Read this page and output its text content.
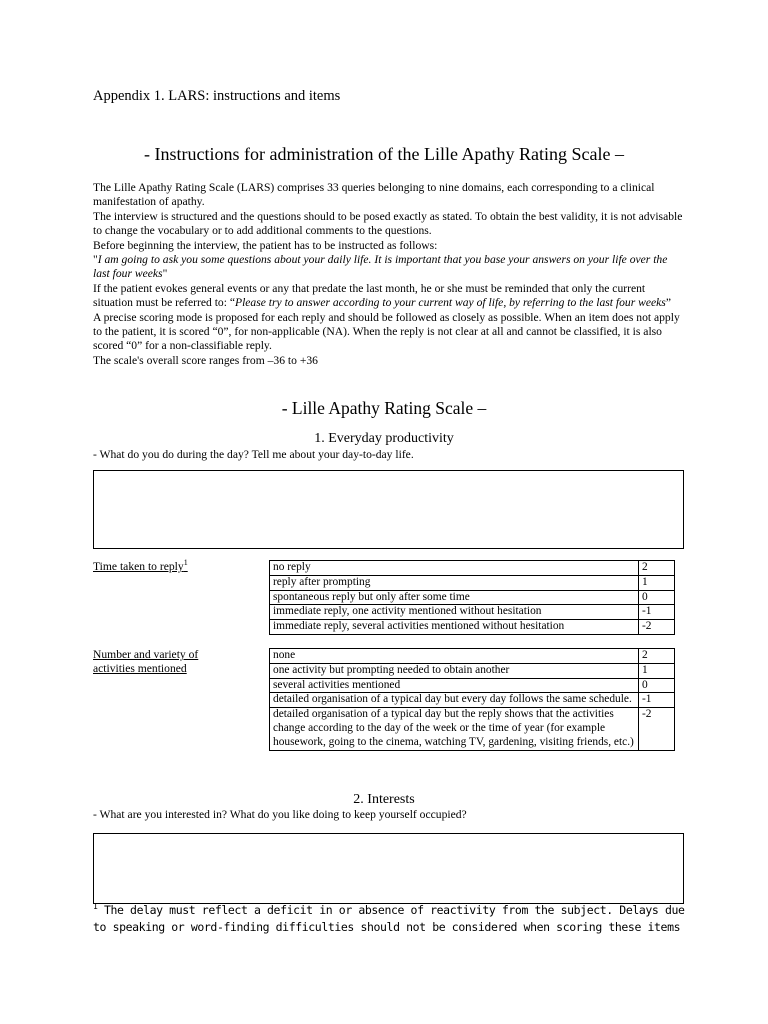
Appendix 1. LARS: instructions and items
- Instructions for administration of the Lille Apathy Rating Scale –

The Lille Apathy Rating Scale (LARS) comprises 33 queries belonging to nine domains, each corresponding to a clinical manifestation of apathy.

The interview is structured and the questions should to be posed exactly as stated. To obtain the best validity, it is not advisable to change the vocabulary or to add additional comments to the questions.

Before beginning the interview, the patient has to be instructed as follows:

"I am going to ask you some questions about your daily life. It is important that you base your answers on your life over the last four weeks"

If the patient evokes general events or any that predate the last month, he or she must be reminded that only the current situation must be referred to: “Please try to answer according to your current way of life, by referring to the last four weeks”

A precise scoring mode is proposed for each reply and should be followed as closely as possible. When an item does not apply to the patient, it is scored “0”, for non-applicable (NA). When the reply is not clear at all and cannot be classified, it is also scored “0” for a non-classifiable reply.

The scale's overall score ranges from –36 to +36

- Lille Apathy Rating Scale –
1. Everyday productivity
- What do you do during the day? Tell me about your day-to-day life.
Time taken to reply$^1$	no reply	2
reply after prompting	1
spontaneous reply but only after some time	0
immediate reply, one activity mentioned without hesitation	-1
immediate reply, several activities mentioned without hesitation	-2
Number and variety of
activities mentioned
none	2
one activity but prompting needed to obtain another	1
several activities mentioned	0
detailed organisation of a typical day but every day follows the same schedule.	-1
detailed organisation of a typical day but the reply shows that the activities change according to the day of the week or the time of year (for example housework, going to the cinema, watching TV, gardening, visiting friends, etc.)	-2
2. Interests
- What are you interested in? What do you like doing to keep yourself occupied?
$^1$ The delay must reflect a deficit in or absence of reactivity from the subject. Delays due to speaking or word-finding difficulties should not be considered when scoring these items
